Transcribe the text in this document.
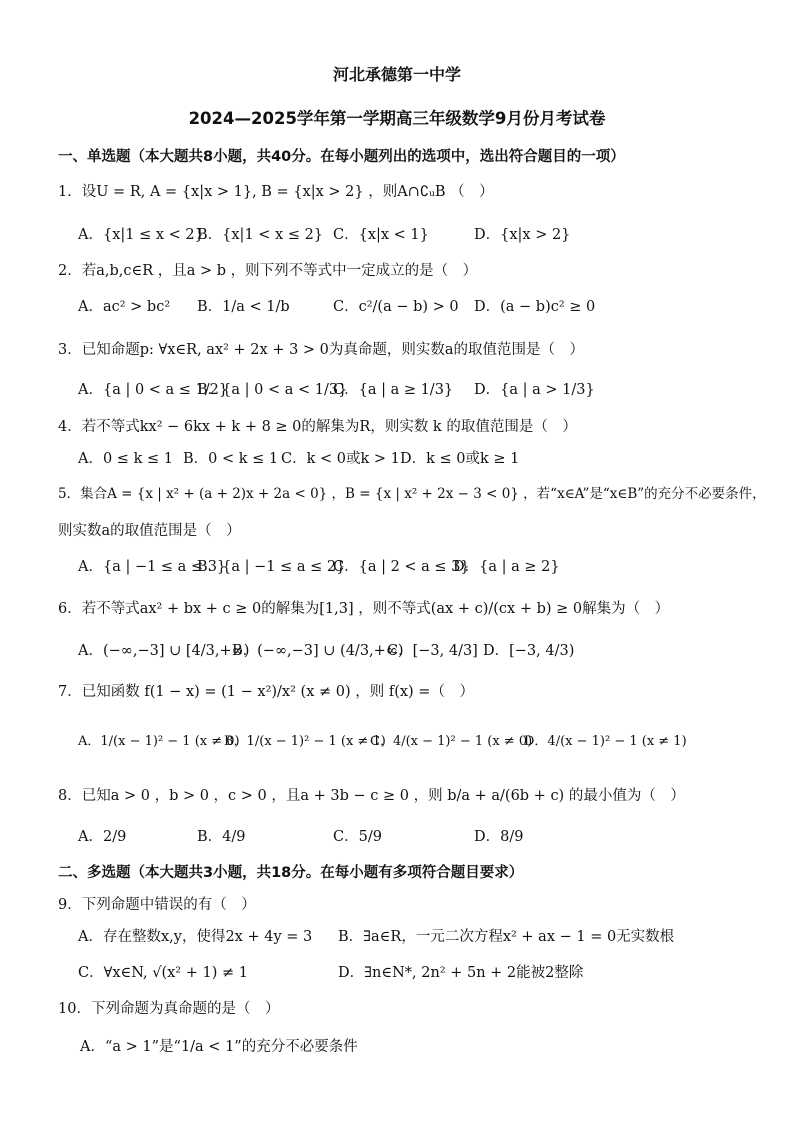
河北承德第一中学
2024—2025学年第一学期高三年级数学9月份月考试卷
一、单选题（本大题共8小题，共40分。在每小题列出的选项中，选出符合题目的一项）
1．设U = R, A = {x|x > 1}, B = {x|x > 2} ，则A∩∁ᵤB （　）
A．{x|1 ≤ x < 2}
B．{x|1 < x ≤ 2} C．{x|x < 1}	D．{x|x > 2}
2．若a,b,c∈R ，且a > b ，则下列不等式中一定成立的是（　）
A．ac² > bc² B．1/a < 1/b	C．c²/(a − b) > 0 D．(a − b)c² ≥ 0
3．已知命题p: ∀x∈R, ax² + 2x + 3 > 0为真命题，则实数a的取值范围是（　）
A．{a | 0 < a ≤ 1/2}
B．{a | 0 < a < 1/3}
C．{a | a ≥ 1/3} D．{a | a > 1/3}
4．若不等式kx² − 6kx + k + 8 ≥ 0的解集为R，则实数 k 的取值范围是（　）
A．0 ≤ k ≤ 1 B．0 < k ≤ 1 C．k < 0或k > 1 D．k ≤ 0或k ≥ 1
5．集合A = {x | x² + (a + 2)x + 2a < 0} ，B = {x | x² + 2x − 3 < 0} ，若“x∈A”是“x∈B”的充分不必要条件，
则实数a的取值范围是（　）
A．{a | −1 ≤ a ≤ 3}
B．{a | −1 ≤ a ≤ 2}
C．{a | 2 < a ≤ 3}
D．{a | a ≥ 2}
6．若不等式ax² + bx + c ≥ 0的解集为[1,3] ，则不等式(ax + c)/(cx + b) ≥ 0解集为（　）
A．(−∞,−3] ∪ [4/3,+∞)
B．(−∞,−3] ∪ (4/3,+∞)
C．[−3, 4/3] D．[−3, 4/3)
7．已知函数 f(1 − x) = (1 − x²)/x² (x ≠ 0) ，则 f(x) =（　）
A．1/(x − 1)² − 1 (x ≠ 0)
B．1/(x − 1)² − 1 (x ≠ 1)
C．4/(x − 1)² − 1 (x ≠ 0)
D．4/(x − 1)² − 1 (x ≠ 1)
8．已知a > 0 ，b > 0 ，c > 0 ，且a + 3b − c ≥ 0 ，则 b/a + a/(6b + c) 的最小值为（　）
A．2/9	B．4/9	C．5/9	D．8/9
二、多选题（本大题共3小题，共18分。在每小题有多项符合题目要求）
9．下列命题中错误的有（　）
A．存在整数x,y，使得2x + 4y = 3 B．∃a∈R，一元二次方程x² + ax − 1 = 0无实数根
C．∀x∈N, √(x² + 1) ≠ 1	D．∃n∈N*, 2n² + 5n + 2能被2整除
10．下列命题为真命题的是（　）
A．“a > 1”是“1/a < 1”的充分不必要条件
